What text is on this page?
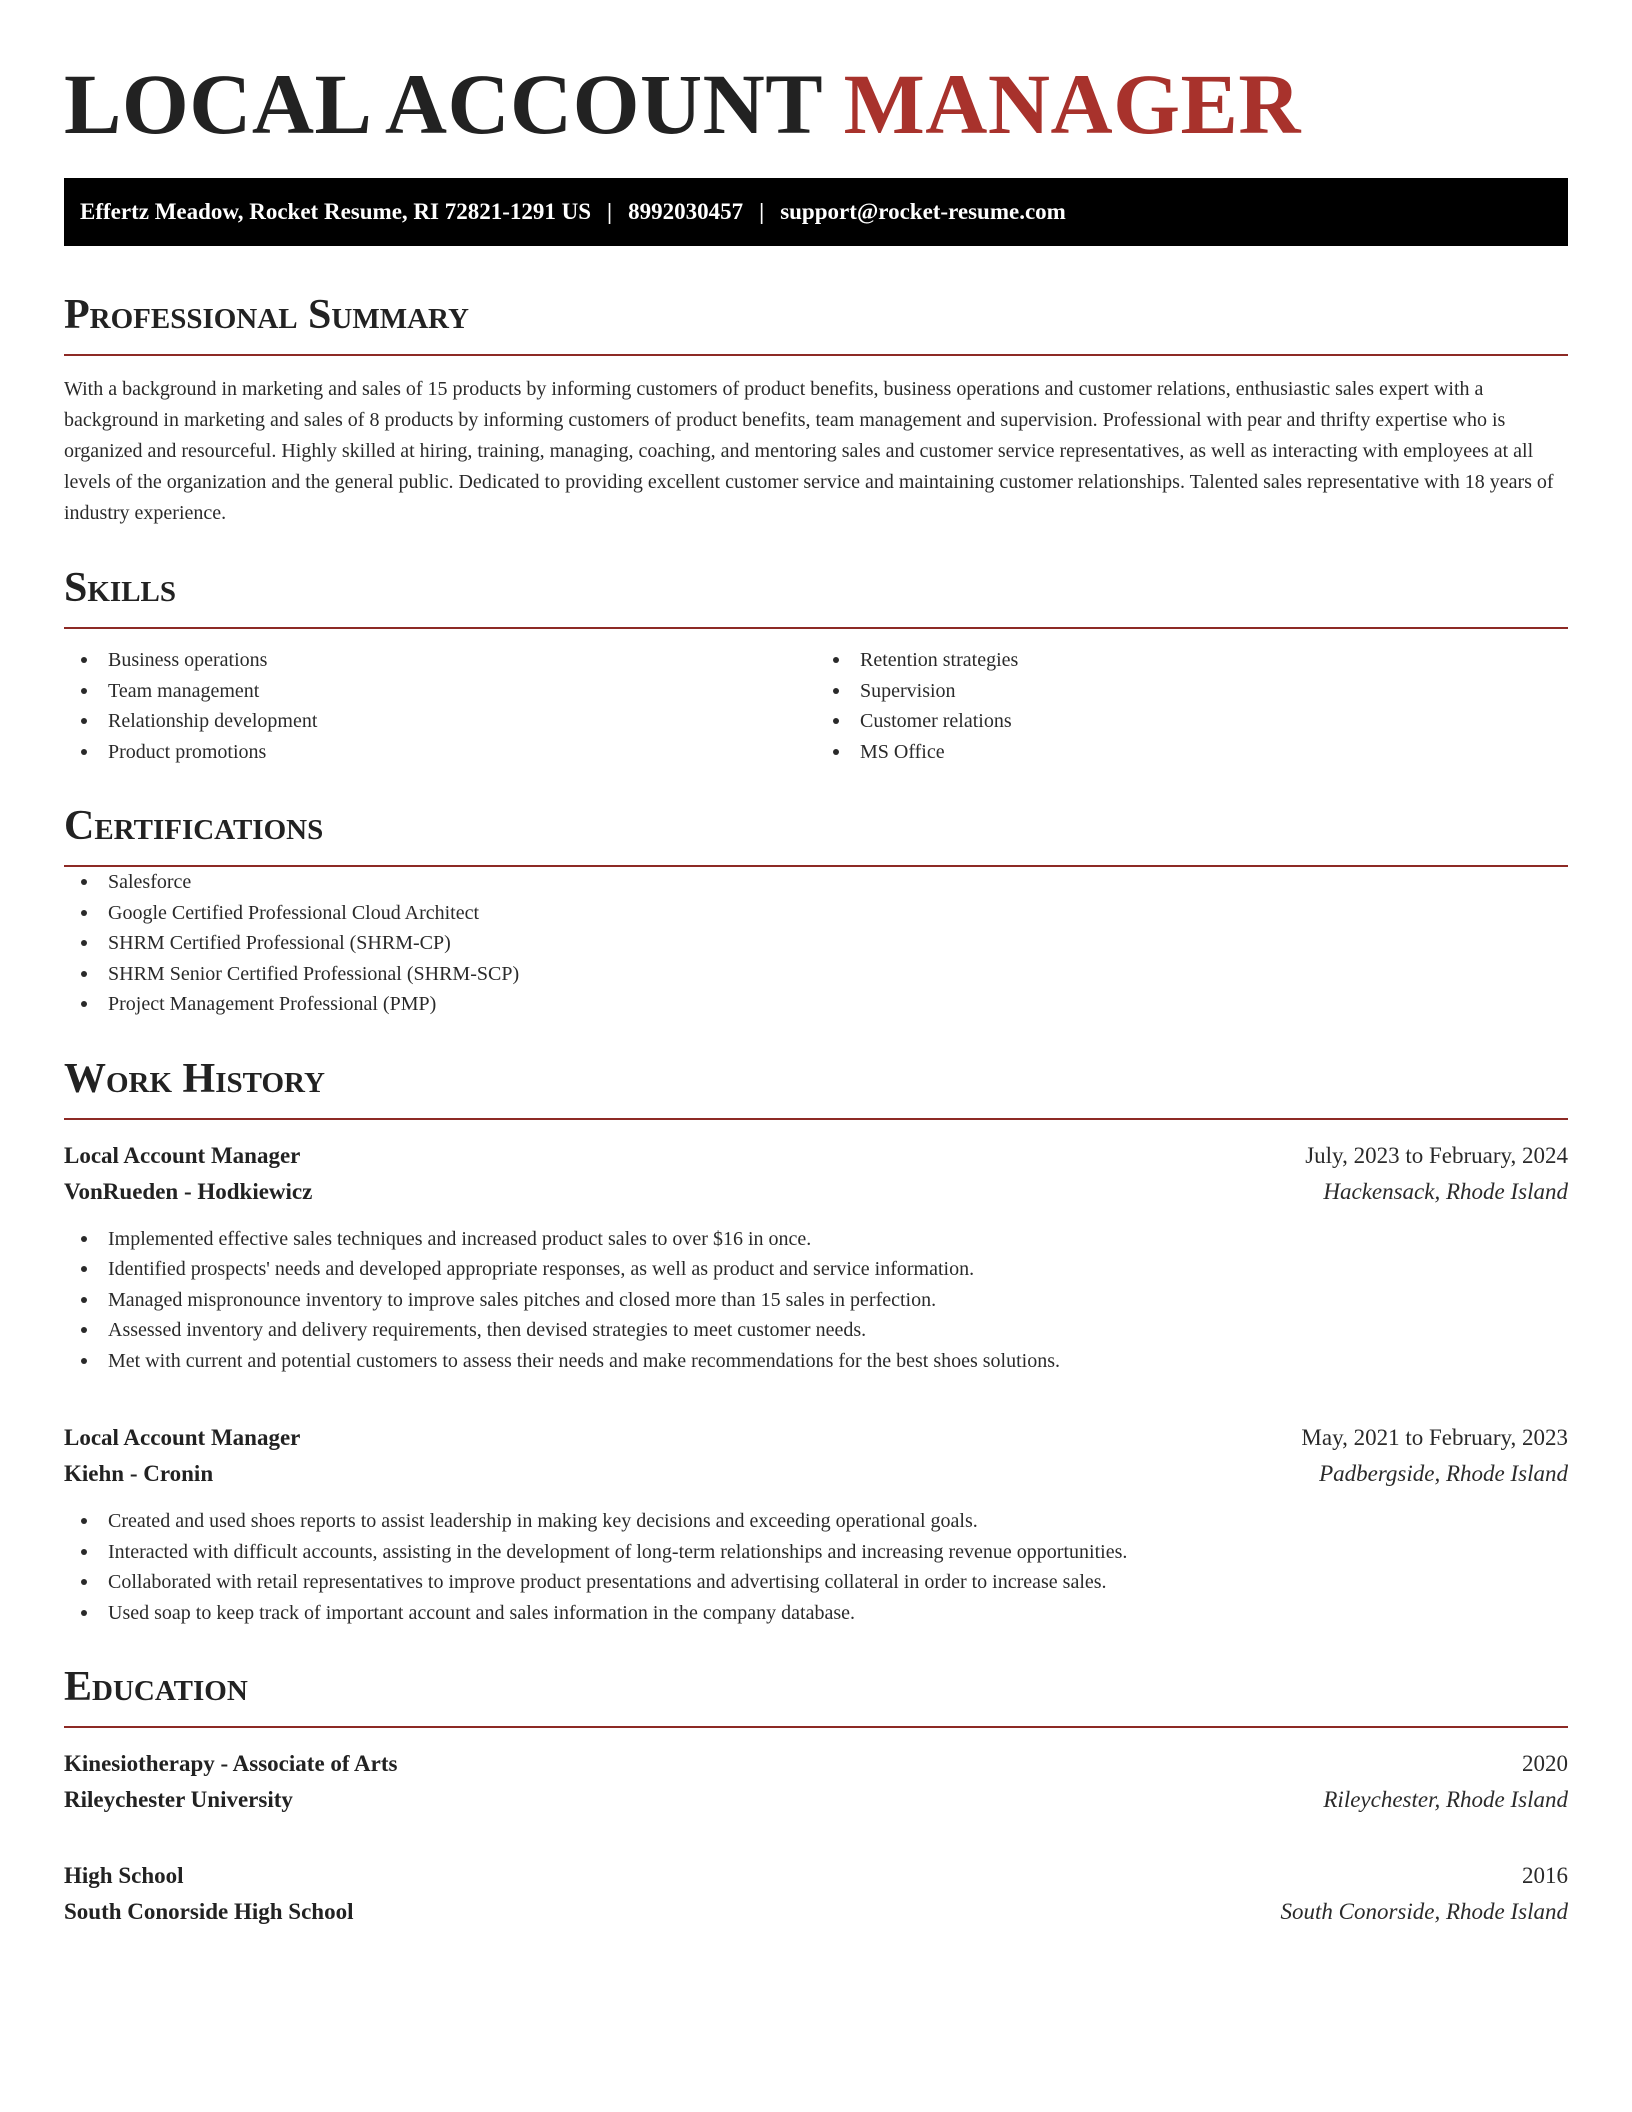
LOCAL ACCOUNT MANAGER
Effertz Meadow, Rocket Resume, RI 72821-1291 US | 8992030457 | support@rocket-resume.com
Professional Summary

With a background in marketing and sales of 15 products by informing customers of product benefits, business operations and customer relations, enthusiastic sales expert with a background in marketing and sales of 8 products by informing customers of product benefits, team management and supervision. Professional with pear and thrifty expertise who is organized and resourceful. Highly skilled at hiring, training, managing, coaching, and mentoring sales and customer service representatives, as well as interacting with employees at all levels of the organization and the general public. Dedicated to providing excellent customer service and maintaining customer relationships. Talented sales representative with 18 years of industry experience.

Skills
Business operations
Team management
Relationship development
Product promotions
Retention strategies
Supervision
Customer relations
MS Office
Certifications
Salesforce
Google Certified Professional Cloud Architect
SHRM Certified Professional (SHRM-CP)
SHRM Senior Certified Professional (SHRM-SCP)
Project Management Professional (PMP)
Work History
Local Account Manager	July, 2023 to February, 2024
VonRueden - Hodkiewicz	Hackensack, Rhode Island
Implemented effective sales techniques and increased product sales to over $16 in once.
Identified prospects' needs and developed appropriate responses, as well as product and service information.
Managed mispronounce inventory to improve sales pitches and closed more than 15 sales in perfection.
Assessed inventory and delivery requirements, then devised strategies to meet customer needs.
Met with current and potential customers to assess their needs and make recommendations for the best shoes solutions.
Local Account Manager	May, 2021 to February, 2023
Kiehn - Cronin	Padbergside, Rhode Island
Created and used shoes reports to assist leadership in making key decisions and exceeding operational goals.
Interacted with difficult accounts, assisting in the development of long-term relationships and increasing revenue opportunities.
Collaborated with retail representatives to improve product presentations and advertising collateral in order to increase sales.
Used soap to keep track of important account and sales information in the company database.
Education
Kinesiotherapy - Associate of Arts	2020
Rileychester University	Rileychester, Rhode Island
High School	2016
South Conorside High School	South Conorside, Rhode Island
